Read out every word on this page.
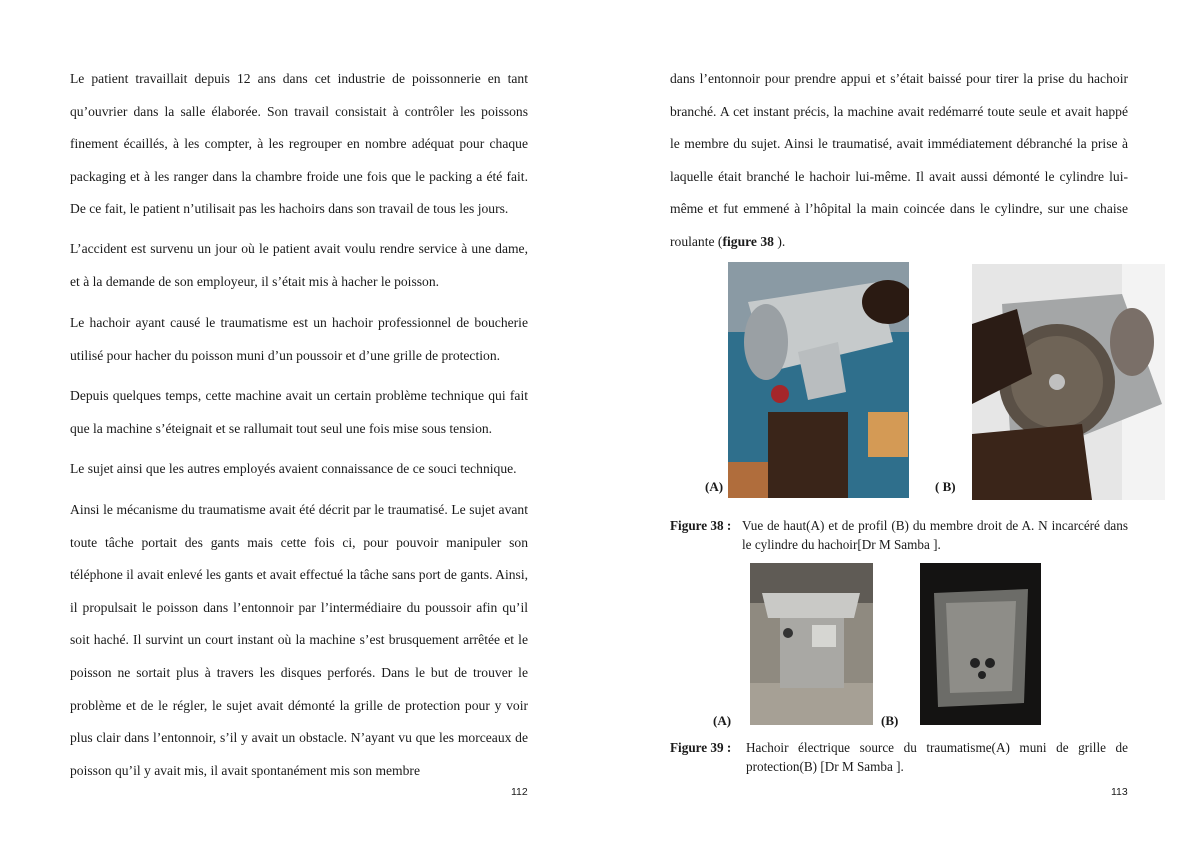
Le patient travaillait depuis 12 ans dans cet industrie de poissonnerie en tant qu’ouvrier dans la salle élaborée. Son travail consistait à contrôler les poissons finement écaillés, à les compter, à les regrouper en nombre adéquat pour chaque packaging et à les ranger dans la chambre froide une fois que le packing a été fait. De ce fait, le patient n’utilisait pas les hachoirs dans son travail de tous les jours.

L’accident est survenu un jour où le patient avait voulu rendre service à une dame, et à la demande de son employeur, il s’était mis à hacher le poisson.

Le hachoir ayant causé le traumatisme est un hachoir professionnel de boucherie utilisé pour hacher du poisson muni d’un poussoir et d’une grille de protection.

Depuis quelques temps, cette machine avait un certain problème technique qui fait que la machine s’éteignait et se rallumait tout seul une fois mise sous tension.

Le sujet ainsi que les autres employés avaient connaissance de ce souci technique.

Ainsi le mécanisme du traumatisme avait été décrit par le traumatisé. Le sujet avant toute tâche portait des gants mais cette fois ci, pour pouvoir manipuler son téléphone il avait enlevé les gants et avait effectué la tâche sans port de gants. Ainsi, il propulsait le poisson dans l’entonnoir par l’intermédiaire du poussoir afin qu’il soit haché. Il survint un court instant où la machine s’est brusquement arrêtée et le poisson ne sortait plus à travers les disques perforés. Dans le but de trouver le problème et de le régler, le sujet avait démonté la grille de protection pour y voir plus clair dans l’entonnoir, s’il y avait un obstacle. N’ayant vu que les morceaux de poisson qu’il y avait mis, il avait spontanément mis son membre

112

dans l’entonnoir pour prendre appui et s’était baissé pour tirer la prise du hachoir branché. A cet instant précis, la machine avait redémarré toute seule et avait happé le membre du sujet. Ainsi le traumatisé, avait immédiatement débranché la prise à laquelle était branché le hachoir lui-même. Il avait aussi démonté le cylindre lui-même et fut emmené à l’hôpital la main coincée dans le cylindre, sur une chaise roulante (figure 38 ).

(A)	( B)
Figure 38 : Vue de haut(A) et de profil (B) du membre droit de A. N incarcéré dans le cylindre du hachoir[Dr M Samba ].
(A)	(B)
Figure 39 : Hachoir électrique source du traumatisme(A) muni de grille de protection(B) [Dr M Samba ].
113
